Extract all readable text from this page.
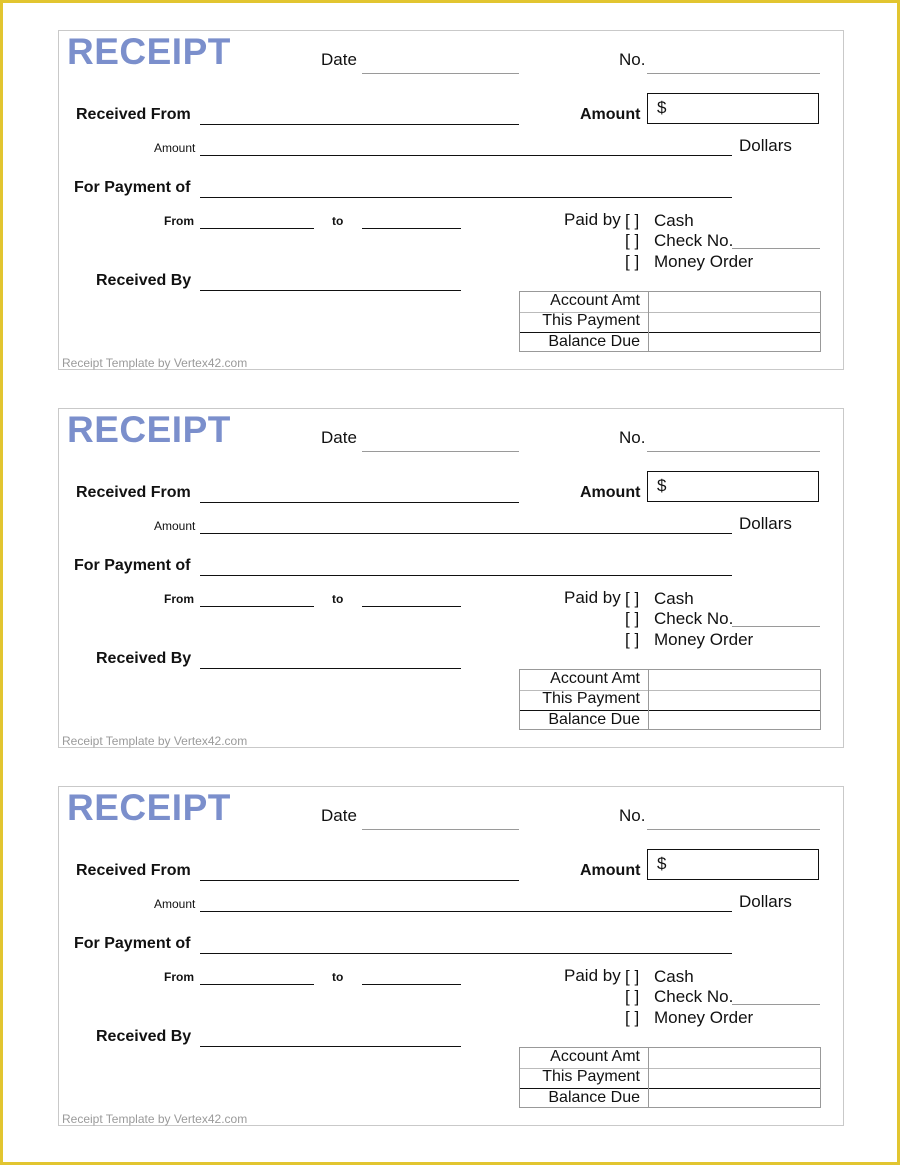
RECEIPT	Date	No.
Received From	Amount $
Amount	Dollars
For Payment of
From	to
Received By
Paid by [ ] Cash
[ ] Check No.
[ ] Money Order
Account Amt
This Payment
Balance Due
Receipt Template by Vertex42.com
RECEIPT	Date	No.
Received From	Amount $
Amount	Dollars
For Payment of
From	to
Received By
Paid by [ ] Cash
[ ] Check No.
[ ] Money Order
Account Amt
This Payment
Balance Due
Receipt Template by Vertex42.com
RECEIPT	Date	No.
Received From	Amount $
Amount	Dollars
For Payment of
From	to
Received By
Paid by [ ] Cash
[ ] Check No.
[ ] Money Order
Account Amt
This Payment
Balance Due
Receipt Template by Vertex42.com
